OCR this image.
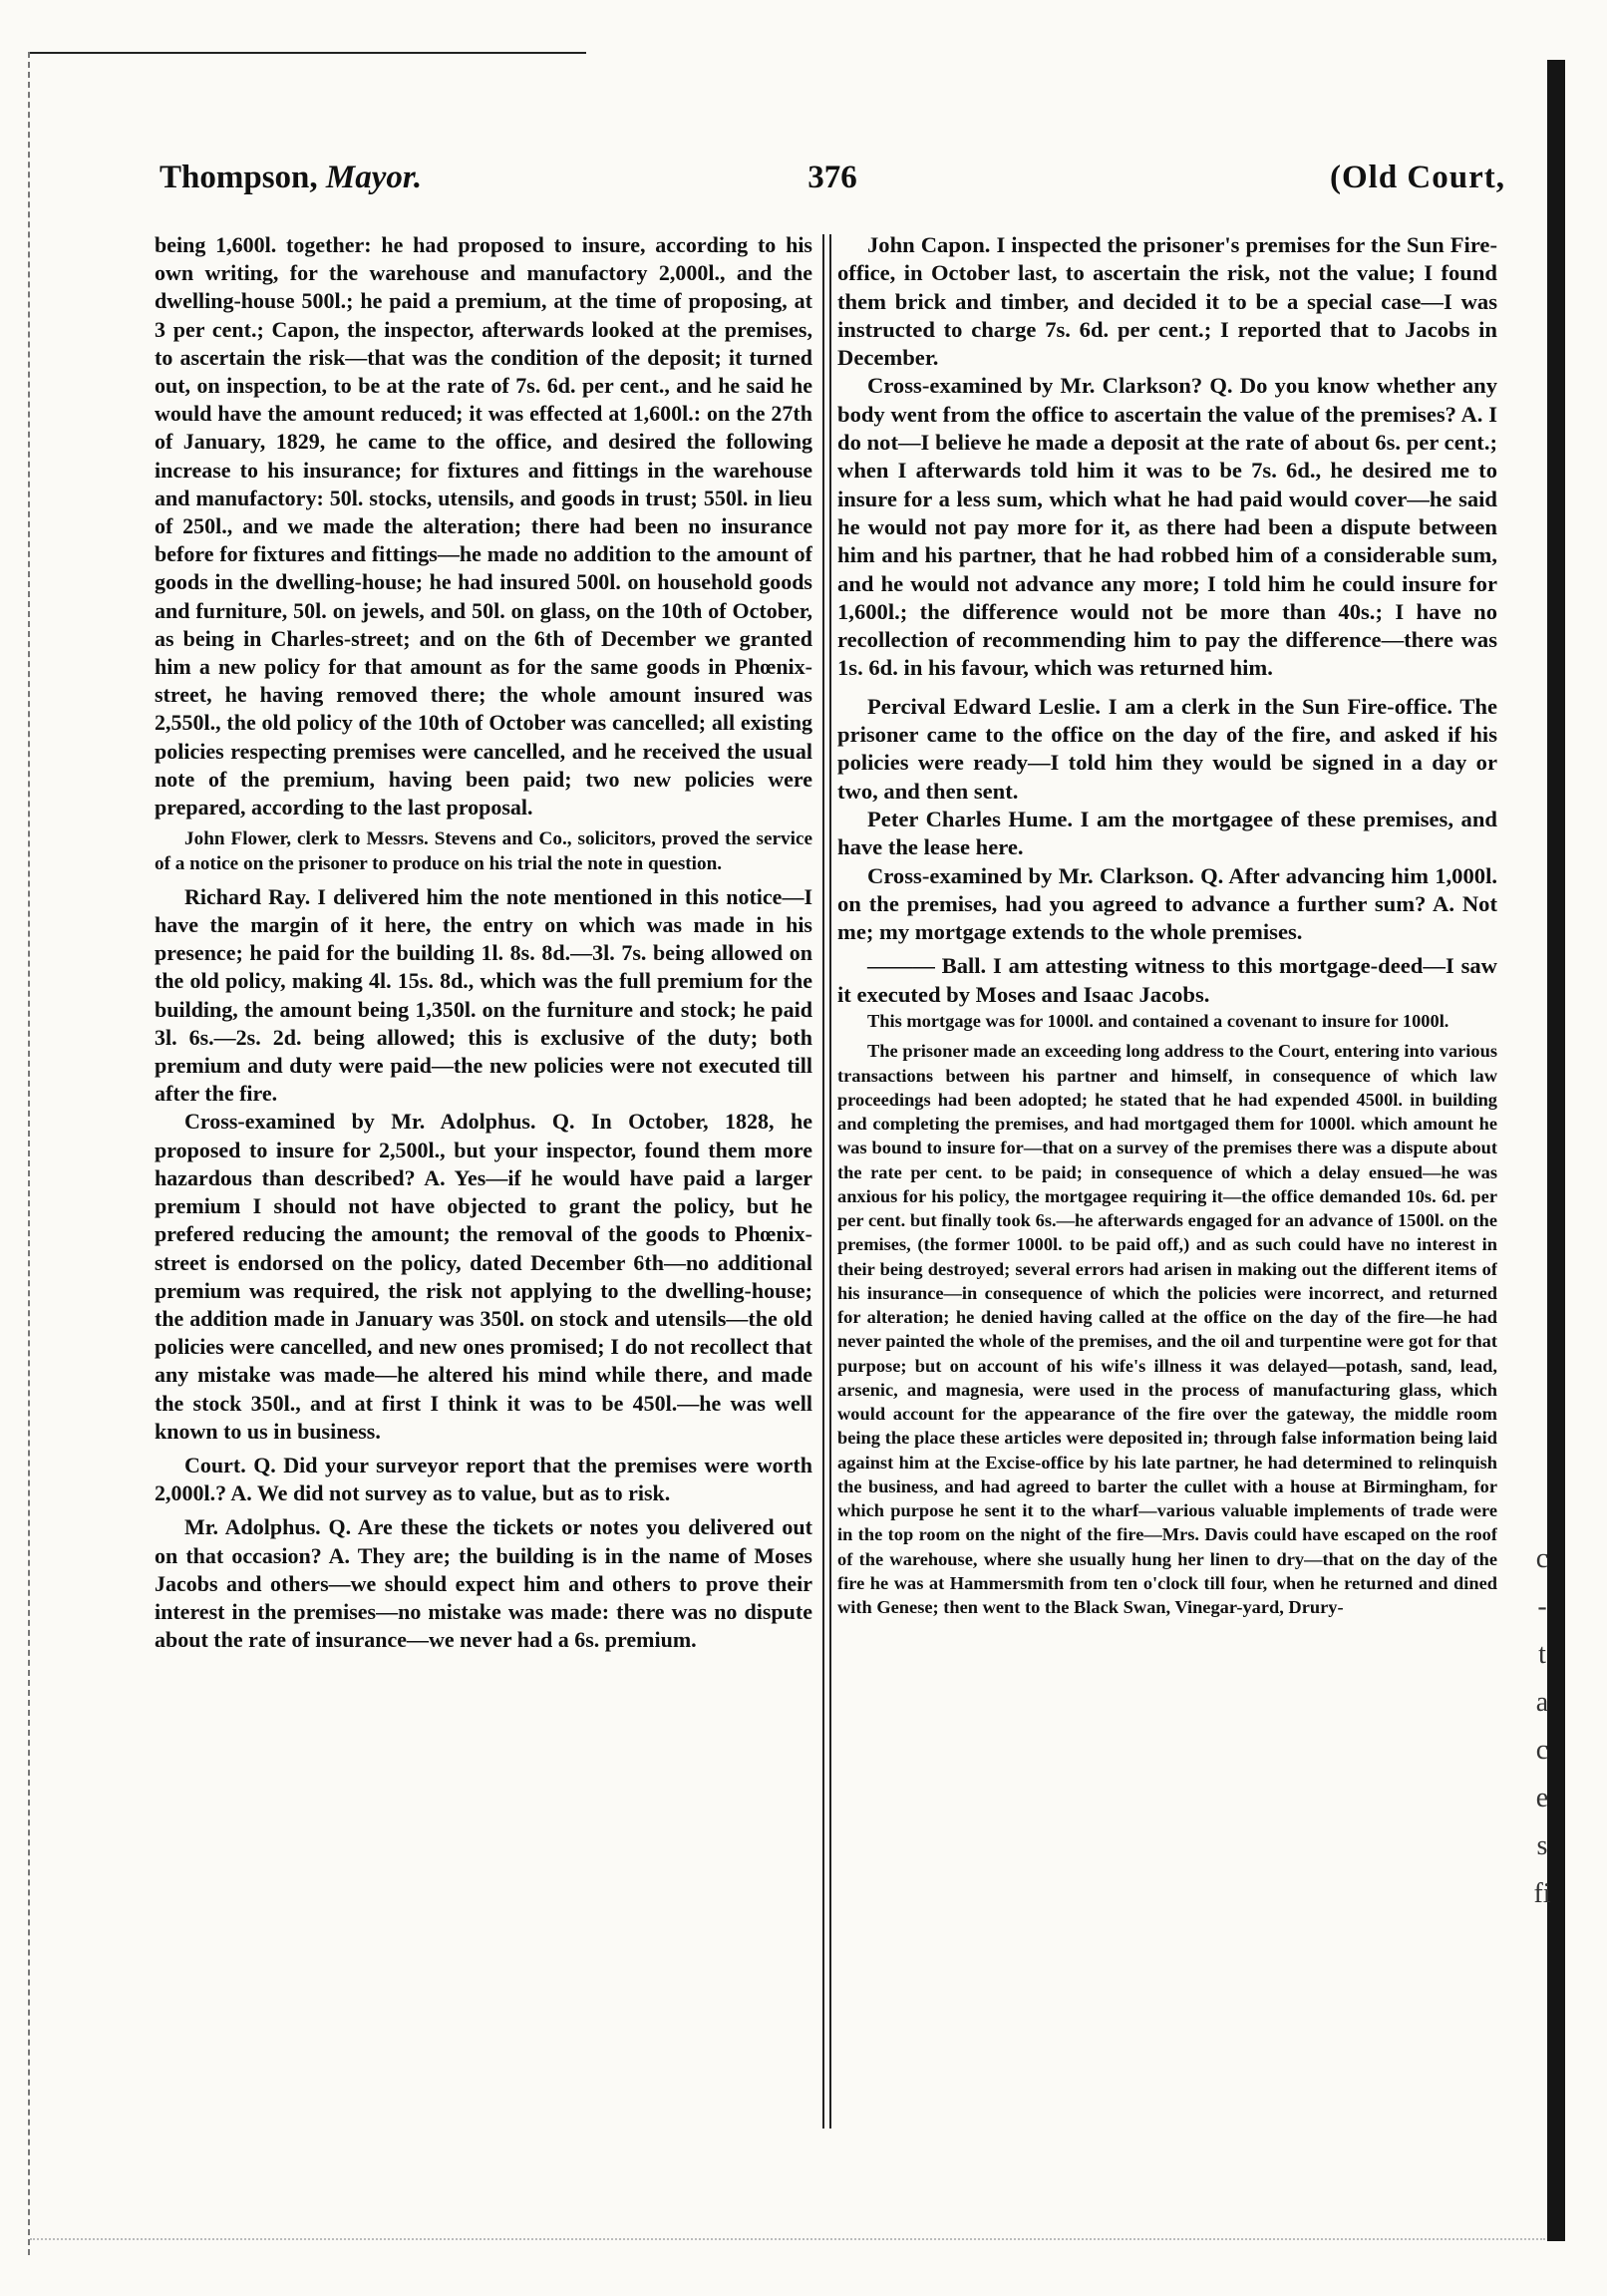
c
-
t
a
c
e
s
fi
Thompson, Mayor.	376	(Old Court,

being 1,600l. together: he had proposed to insure, according to his own writing, for the warehouse and manufactory 2,000l., and the dwelling-house 500l.; he paid a premium, at the time of proposing, at 3 per cent.; Capon, the inspector, afterwards looked at the premises, to ascertain the risk—that was the condition of the deposit; it turned out, on inspection, to be at the rate of 7s. 6d. per cent., and he said he would have the amount reduced; it was effected at 1,600l.: on the 27th of January, 1829, he came to the office, and desired the following increase to his insurance; for fixtures and fittings in the warehouse and manufactory: 50l. stocks, utensils, and goods in trust; 550l. in lieu of 250l., and we made the alteration; there had been no insurance before for fixtures and fittings—he made no addition to the amount of goods in the dwelling-house; he had insured 500l. on household goods and furniture, 50l. on jewels, and 50l. on glass, on the 10th of October, as being in Charles-street; and on the 6th of December we granted him a new policy for that amount as for the same goods in Phœnix-street, he having removed there; the whole amount insured was 2,550l., the old policy of the 10th of October was cancelled; all existing policies respecting premises were cancelled, and he received the usual note of the premium, having been paid; two new policies were prepared, according to the last proposal.

John Flower, clerk to Messrs. Stevens and Co., solicitors, proved the service of a notice on the prisoner to produce on his trial the note in question.

Richard Ray. I delivered him the note mentioned in this notice—I have the margin of it here, the entry on which was made in his presence; he paid for the building 1l. 8s. 8d.—3l. 7s. being allowed on the old policy, making 4l. 15s. 8d., which was the full premium for the building, the amount being 1,350l. on the furniture and stock; he paid 3l. 6s.—2s. 2d. being allowed; this is exclusive of the duty; both premium and duty were paid—the new policies were not executed till after the fire.

Cross-examined by Mr. Adolphus. Q. In October, 1828, he proposed to insure for 2,500l., but your inspector, found them more hazardous than described? A. Yes—if he would have paid a larger premium I should not have objected to grant the policy, but he prefered reducing the amount; the removal of the goods to Phœnix-street is endorsed on the policy, dated December 6th—no additional premium was required, the risk not applying to the dwelling-house; the addition made in January was 350l. on stock and utensils—the old policies were cancelled, and new ones promised; I do not recollect that any mistake was made—he altered his mind while there, and made the stock 350l., and at first I think it was to be 450l.—he was well known to us in business.

Court. Q. Did your surveyor report that the premises were worth 2,000l.? A. We did not survey as to value, but as to risk.

Mr. Adolphus. Q. Are these the tickets or notes you delivered out on that occasion? A. They are; the building is in the name of Moses Jacobs and others—we should expect him and others to prove their interest in the premises—no mistake was made: there was no dispute about the rate of insurance—we never had a 6s. premium.

John Capon. I inspected the prisoner's premises for the Sun Fire-office, in October last, to ascertain the risk, not the value; I found them brick and timber, and decided it to be a special case—I was instructed to charge 7s. 6d. per cent.; I reported that to Jacobs in December.

Cross-examined by Mr. Clarkson? Q. Do you know whether any body went from the office to ascertain the value of the premises? A. I do not—I believe he made a deposit at the rate of about 6s. per cent.; when I afterwards told him it was to be 7s. 6d., he desired me to insure for a less sum, which what he had paid would cover—he said he would not pay more for it, as there had been a dispute between him and his partner, that he had robbed him of a considerable sum, and he would not advance any more; I told him he could insure for 1,600l.; the difference would not be more than 40s.; I have no recollection of recommending him to pay the difference—there was 1s. 6d. in his favour, which was returned him.

Percival Edward Leslie. I am a clerk in the Sun Fire-office. The prisoner came to the office on the day of the fire, and asked if his policies were ready—I told him they would be signed in a day or two, and then sent.

Peter Charles Hume. I am the mortgagee of these premises, and have the lease here.

Cross-examined by Mr. Clarkson. Q. After advancing him 1,000l. on the premises, had you agreed to advance a further sum? A. Not me; my mortgage extends to the whole premises.

——— Ball. I am attesting witness to this mortgage-deed—I saw it executed by Moses and Isaac Jacobs.

This mortgage was for 1000l. and contained a covenant to insure for 1000l.

The prisoner made an exceeding long address to the Court, entering into various transactions between his partner and himself, in consequence of which law proceedings had been adopted; he stated that he had expended 4500l. in building and completing the premises, and had mortgaged them for 1000l. which amount he was bound to insure for—that on a survey of the premises there was a dispute about the rate per cent. to be paid; in consequence of which a delay ensued—he was anxious for his policy, the mortgagee requiring it—the office demanded 10s. 6d. per per cent. but finally took 6s.—he afterwards engaged for an advance of 1500l. on the premises, (the former 1000l. to be paid off,) and as such could have no interest in their being destroyed; several errors had arisen in making out the different items of his insurance—in consequence of which the policies were incorrect, and returned for alteration; he denied having called at the office on the day of the fire—he had never painted the whole of the premises, and the oil and turpentine were got for that purpose; but on account of his wife's illness it was delayed—potash, sand, lead, arsenic, and magnesia, were used in the process of manufacturing glass, which would account for the appearance of the fire over the gateway, the middle room being the place these articles were deposited in; through false information being laid against him at the Excise-office by his late partner, he had determined to relinquish the business, and had agreed to barter the cullet with a house at Birmingham, for which purpose he sent it to the wharf—various valuable implements of trade were in the top room on the night of the fire—Mrs. Davis could have escaped on the roof of the warehouse, where she usually hung her linen to dry—that on the day of the fire he was at Hammersmith from ten o'clock till four, when he returned and dined with Genese; then went to the Black Swan, Vinegar-yard, Drury-
